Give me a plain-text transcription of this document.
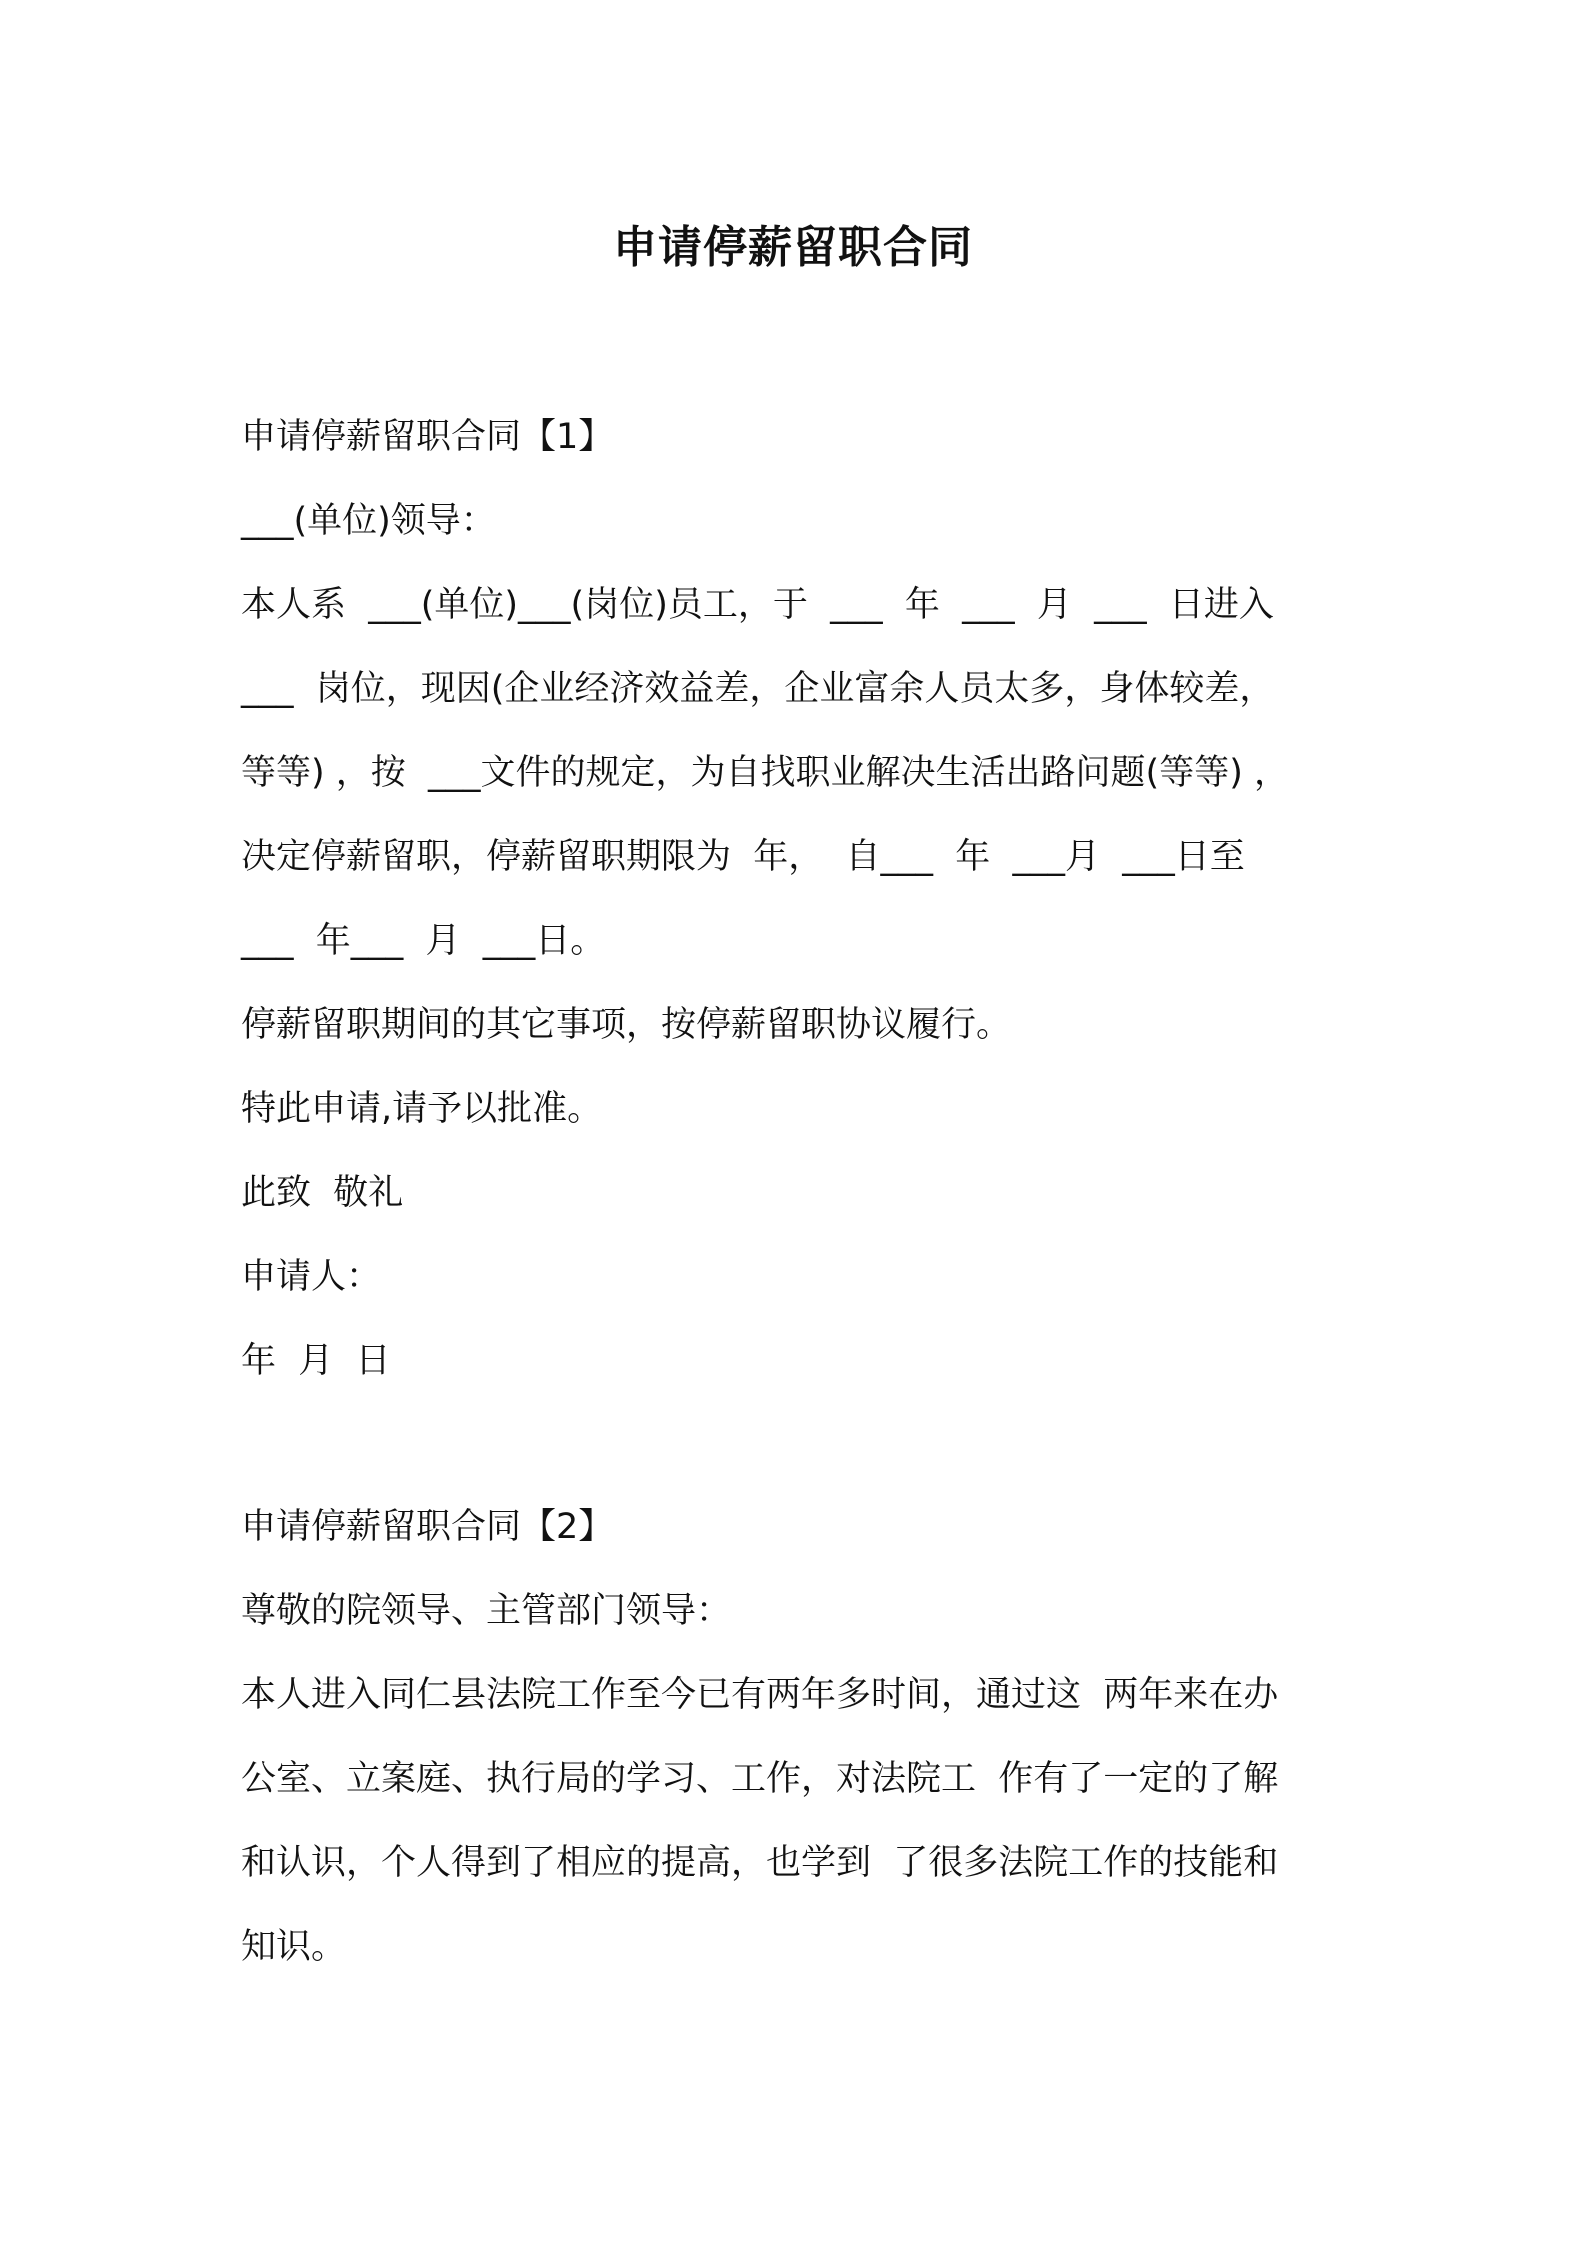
申请停薪留职合同
申请停薪留职合同【1】
___(单位)领导：
本人系  ___(单位)___(岗位)员工，于  ___  年  ___  月  ___  日进入
___  岗位，现因(企业经济效益差，企业富余人员太多，身体较差，
等等) ，按  ___文件的规定，为自找职业解决生活出路问题(等等) ，
决定停薪留职，停薪留职期限为  年，  自___  年  ___月  ___日至
___  年___  月  ___日。
停薪留职期间的其它事项，按停薪留职协议履行。
特此申请,请予以批准。
此致  敬礼
申请人：
年  月  日
申请停薪留职合同【2】
尊敬的院领导、主管部门领导：
本人进入同仁县法院工作至今已有两年多时间，通过这  两年来在办
公室、立案庭、执行局的学习、工作，对法院工  作有了一定的了解
和认识，个人得到了相应的提高，也学到  了很多法院工作的技能和
知识。
